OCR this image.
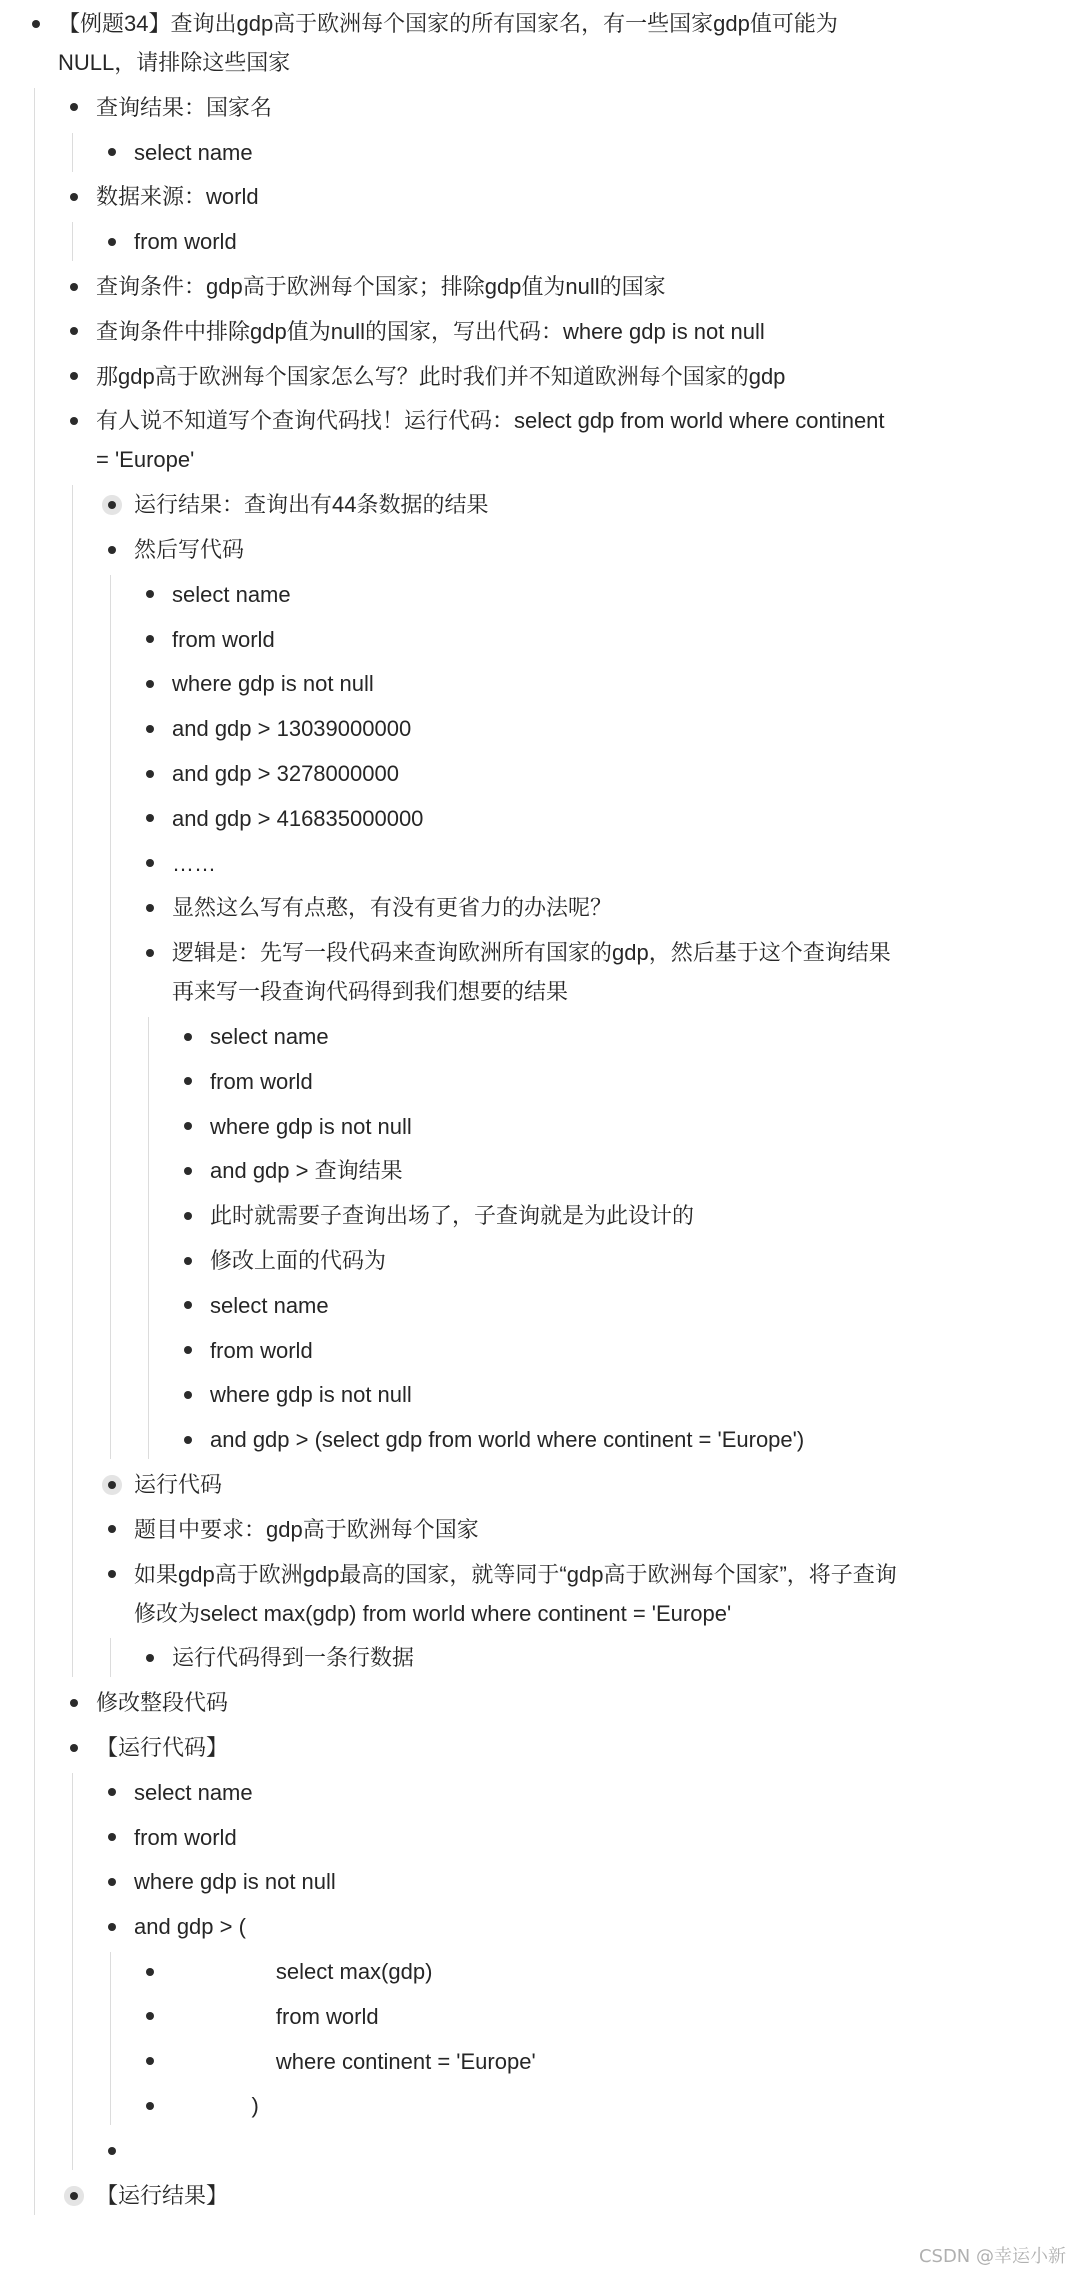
【例题34】查询出gdp高于欧洲每个国家的所有国家名，有一些国家gdp值可能为
NULL，请排除这些国家
查询结果：国家名
select name
数据来源：world
from world
查询条件：gdp高于欧洲每个国家；排除gdp值为null的国家
查询条件中排除gdp值为null的国家，写出代码：where gdp is not null
那gdp高于欧洲每个国家怎么写？此时我们并不知道欧洲每个国家的gdp
有人说不知道写个查询代码找！运行代码：select gdp from world where continent
= 'Europe'
运行结果：查询出有44条数据的结果
然后写代码
select name
from world
where gdp is not null
and gdp > 13039000000
and gdp > 3278000000
and gdp > 416835000000
……
显然这么写有点憨，有没有更省力的办法呢？
逻辑是：先写一段代码来查询欧洲所有国家的gdp，然后基于这个查询结果
再来写一段查询代码得到我们想要的结果
select name
from world
where gdp is not null
and gdp > 查询结果
此时就需要子查询出场了，子查询就是为此设计的
修改上面的代码为
select name
from world
where gdp is not null
and gdp > (select gdp from world where continent = 'Europe')
运行代码
题目中要求：gdp高于欧洲每个国家
如果gdp高于欧洲gdp最高的国家，就等同于“gdp高于欧洲每个国家”，将子查询
修改为select max(gdp) from world where continent = 'Europe'
运行代码得到一条行数据
修改整段代码
【运行代码】
select name
from world
where gdp is not null
and gdp > (
select max(gdp)
from world
where continent = 'Europe'
)
【运行结果】
CSDN @幸运小新
